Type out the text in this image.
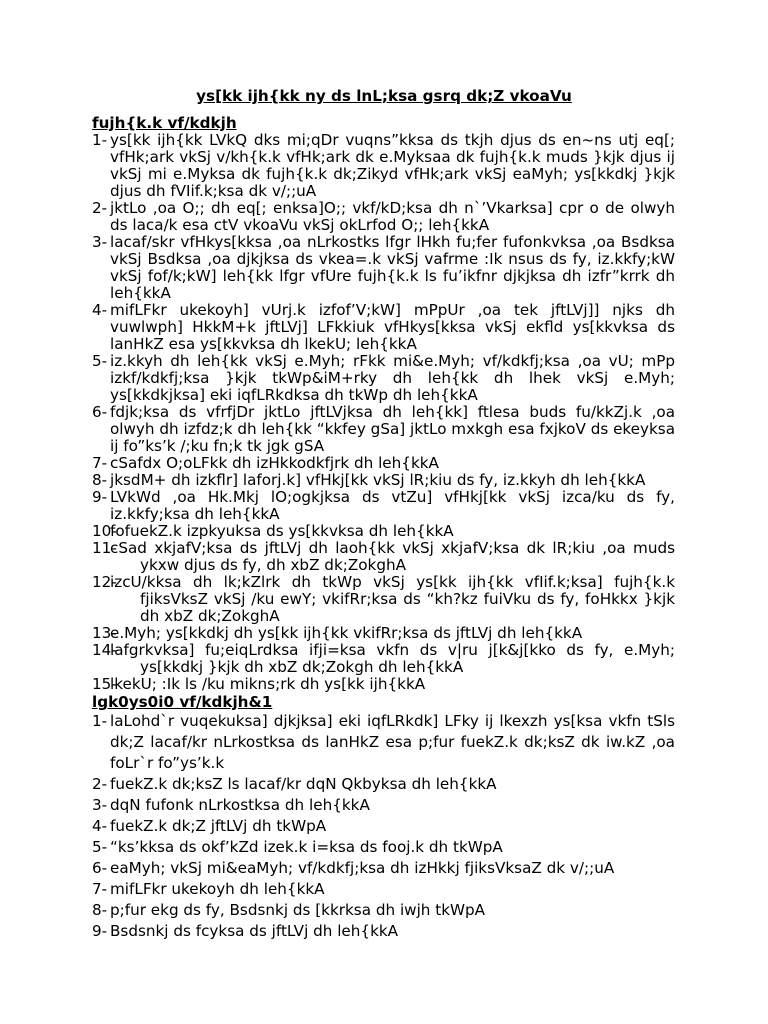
ys[kk ijh{kk ny ds lnL;ksa gsrq dk;Z vkoaVu
fujh{k.k vf/kdkjh
1- ys[kk ijh{kk LVkQ dks mi;qDr vuqns”kksa ds tkjh djus ds en~ns utj eq[; vfHk;ark vkSj v/kh{k.k vfHk;ark dk e.Myksaa dk fujh{k.k muds }kjk djus ij vkSj mi e.Myksa dk fujh{k.k dk;Zikyd vfHk;ark vkSj eaMyh; ys[kkdkj }kjk djus dh fVIif.k;ksa dk v/;;uA
2- jktLo ,oa O;; dh eq[; enksa]O;; vkf/kD;ksa dh n`’Vkarksa] cpr o de olwyh ds laca/k esa ctV vkoaVu vkSj okLrfod O;; leh{kkA
3- lacaf/skr vfHkys[kksa ,oa nLrkostks lfgr lHkh fu;fer fufonkvksa ,oa Bsdksa vkSj Bsdksa ,oa djkjksa ds vkea=.k vkSj vafrme :Ik nsus ds fy, iz.kkfy;kW vkSj fof/k;kW] leh{kk lfgr vfUre fujh{k.k ls fu’ikfnr djkjksa dh izfr”krrk dh leh{kkA
4- mifLFkr ukekoyh] vUrj.k izfof’V;kW] mPpUr ,oa tek jftLVj]] njks dh vuwlwph] HkkM+k jftLVj] LFkkiuk vfHkys[kksa vkSj ekfld ys[kkvksa ds lanHkZ esa ys[kkvksa dh lkekU; leh{kkA
5- iz.kkyh dh leh{kk vkSj e.Myh; rFkk mi&e.Myh; vf/kdkfj;ksa ,oa vU; mPp izkf/kdkfj;ksa }kjk tkWp&iM+rky dh leh{kk dh lhek vkSj e.Myh; ys[kkdkjksa] eki iqfLRkdksa dh tkWp dh leh{kkA
6- fdjk;ksa ds vfrfjDr jktLo jftLVjksa dh leh{kk] ftlesa buds fu/kkZj.k ,oa olwyh dh izfdz;k dh leh{kk “kkfey gSa] jktLo mxkgh esa fxjkoV ds ekeyksa ij fo”ks’k /;ku fn;k tk jgk gSA
7- cSafdx O;oLFkk dh izHkkodkfjrk dh leh{kkA
8- jksdM+ dh izkflr] laforj.k] vfHkj[kk vkSj lR;kiu ds fy, iz.kkyh dh leh{kkA
9- LVkWd ,oa Hk.Mkj lO;ogkjksa ds vtZu] vfHkj[kk vkSj izca/ku ds fy, iz.kkfy;ksa dh leh{kkA
10-
fofuekZ.k izpkyuksa ds ys[kkvksa dh leh{kkA
11-
cSad xkjafV;ksa ds jftLVj dh laoh{kk vkSj xkjafV;ksa dk lR;kiu ,oa muds ykxw djus ds fy, dh xbZ dk;ZokghA
12-
izcU/kksa dh lk;kZlrk dh tkWp vkSj ys[kk ijh{kk vfIif.k;ksa] fujh{k.k fjiksVksZ vkSj /ku ewY; vkifRr;ksa ds “kh?kz fuiVku ds fy, foHkkx }kjk dh xbZ dk;ZokghA
13-
e.Myh; ys[kkdkj dh ys[kk ijh{kk vkifRr;ksa ds jftLVj dh leh{kkA
14-
lafgrkvksa] fu;eiqLrdksa ifji=ksa vkfn ds v|ru j[k&j[kko ds fy, e.Myh; ys[kkdkj }kjk dh xbZ dk;Zokgh dh leh{kkA
15-
lkekU; :Ik ls /ku mikns;rk dh ys[kk ijh{kkA
lgk0ys0i0 vf/kdkjh&1
1- laLohd`r vuqekuksa] djkjksa] eki iqfLRkdk] LFky ij lkexzh ys[ksa vkfn tSls dk;Z lacaf/kr nLrkostksa ds lanHkZ esa p;fur fuekZ.k dk;ksZ dk iw.kZ ,oa foLr`r fo”ys’k.k
2- fuekZ.k dk;ksZ ls lacaf/kr dqN Qkbyksa dh leh{kkA
3- dqN fufonk nLrkostksa dh leh{kkA
4- fuekZ.k dk;Z jftLVj dh tkWpA
5- “ks’kksa ds okf’kZd izek.k i=ksa ds fooj.k dh tkWpA
6- eaMyh; vkSj mi&eaMyh; vf/kdkfj;ksa dh izHkkj fjiksVksaZ dk v/;;uA
7- mifLFkr ukekoyh dh leh{kkA
8- p;fur ekg ds fy, Bsdsnkj ds [kkrksa dh iwjh tkWpA
9- Bsdsnkj ds fcyksa ds jftLVj dh leh{kkA
